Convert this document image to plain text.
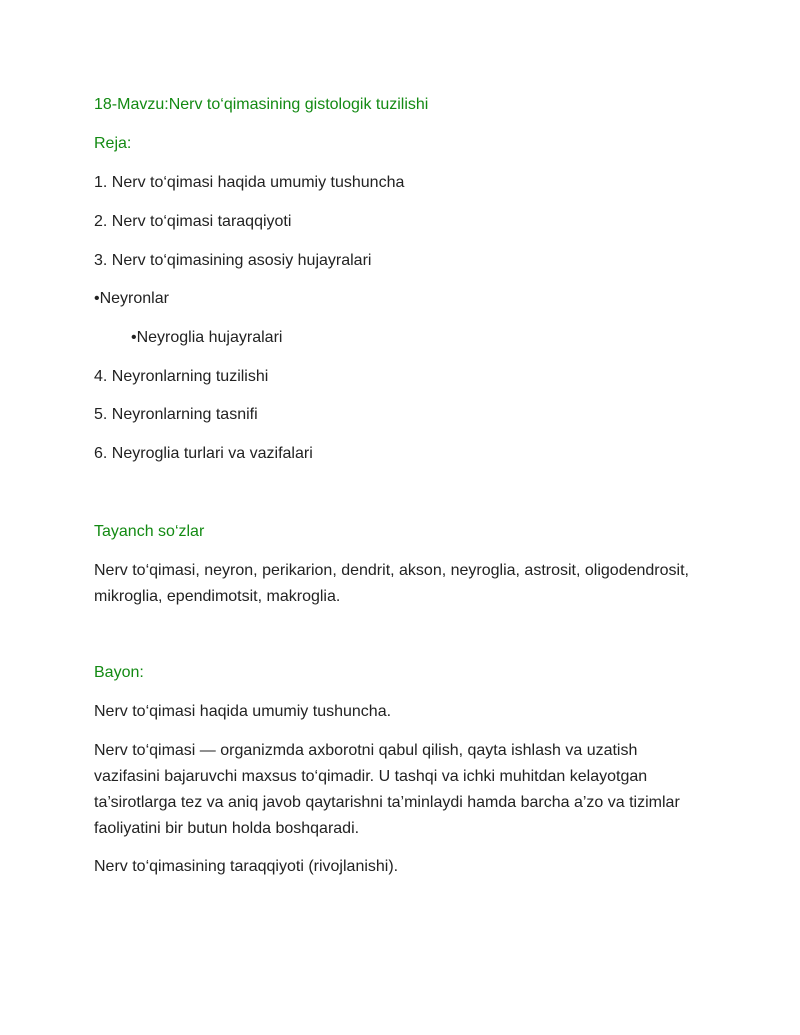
18-Mavzu:Nerv to‘qimasining gistologik tuzilishi
Reja:
1. Nerv to‘qimasi haqida umumiy tushuncha
2. Nerv to‘qimasi taraqqiyoti
3. Nerv to‘qimasining asosiy hujayralari
•Neyronlar
•Neyroglia hujayralari
4. Neyronlarning tuzilishi
5. Neyronlarning tasnifi
6. Neyroglia turlari va vazifalari
Tayanch so‘zlar
Nerv to‘qimasi, neyron, perikarion, dendrit, akson, neyroglia, astrosit, oligodendrosit, mikroglia, ependimotsit, makroglia.
Bayon:
Nerv to‘qimasi haqida umumiy tushuncha.
Nerv to‘qimasi — organizmda axborotni qabul qilish, qayta ishlash va uzatish vazifasini bajaruvchi maxsus to‘qimadir. U tashqi va ichki muhitdan kelayotgan ta’sirotlarga tez va aniq javob qaytarishni ta’minlaydi hamda barcha a’zo va tizimlar faoliyatini bir butun holda boshqaradi.
Nerv to‘qimasining taraqqiyoti (rivojlanishi).
